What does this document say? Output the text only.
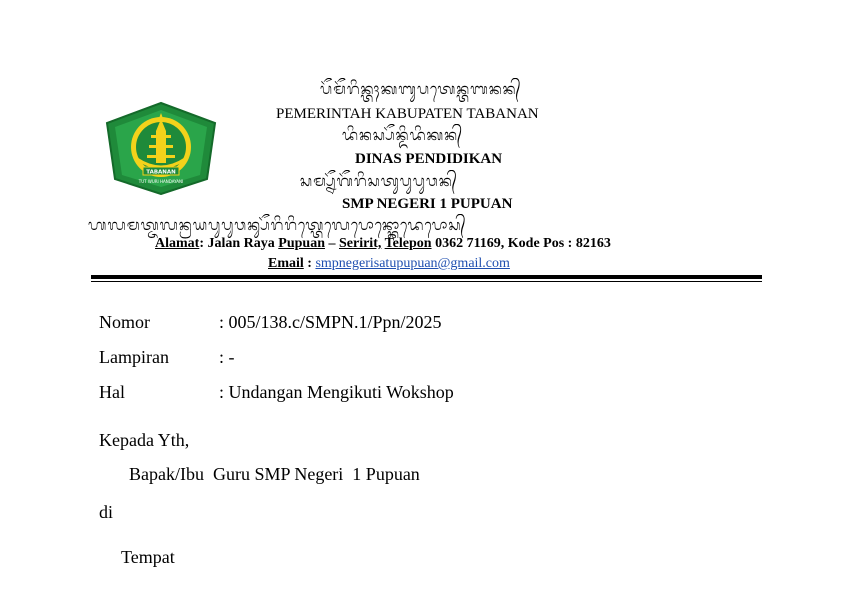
TABANAN
TUT WURI HANDAYANI
ᬧᭂᬫᭂᬭᬶᬦ᭄ᬢᬄᬓᬩᬸᬧᬢᬾᬦ᭄ᬢᬩᬦᬦ᭄
PEMERINTAH KABUPATEN TABANAN
ᬤᬶᬦᬲ᭄ᬧᭂᬦ᭄ᬤᬶᬤᬶᬓᬦ᭄
DINAS PENDIDIKAN
ᬲᬫ᭄ᬧ᭄ᬦᭂᬕᭂᬭᬶᬲᬢᬸᬧᬸᬧᬸᬯᬦ᭄
SMP NEGERI 1 PUPUAN
ᬳᬮᬫᬢ᭄ᬚᬮᬦ᭄ᬭᬬᬧᬸᬧᬸᬯᬦ᭄ᬲᭂᬭᬶᬭᬶᬢ᭄ᬢᬾᬮᬾᬧᭀᬦ᭄ᬓᭀᬤᬾᬧᭀᬲ᭄
Alamat: Jalan Raya Pupuan – Seririt, Telepon 0362 71169, Kode Pos : 82163
Email : smpnegerisatupupuan@gmail.com
Nomor	: 005/138.c/SMPN.1/Ppn/2025
Lampiran	: -
Hal	: Undangan Mengikuti Wokshop
Kepada Yth,
Bapak/Ibu  Guru SMP Negeri  1 Pupuan
di
Tempat
